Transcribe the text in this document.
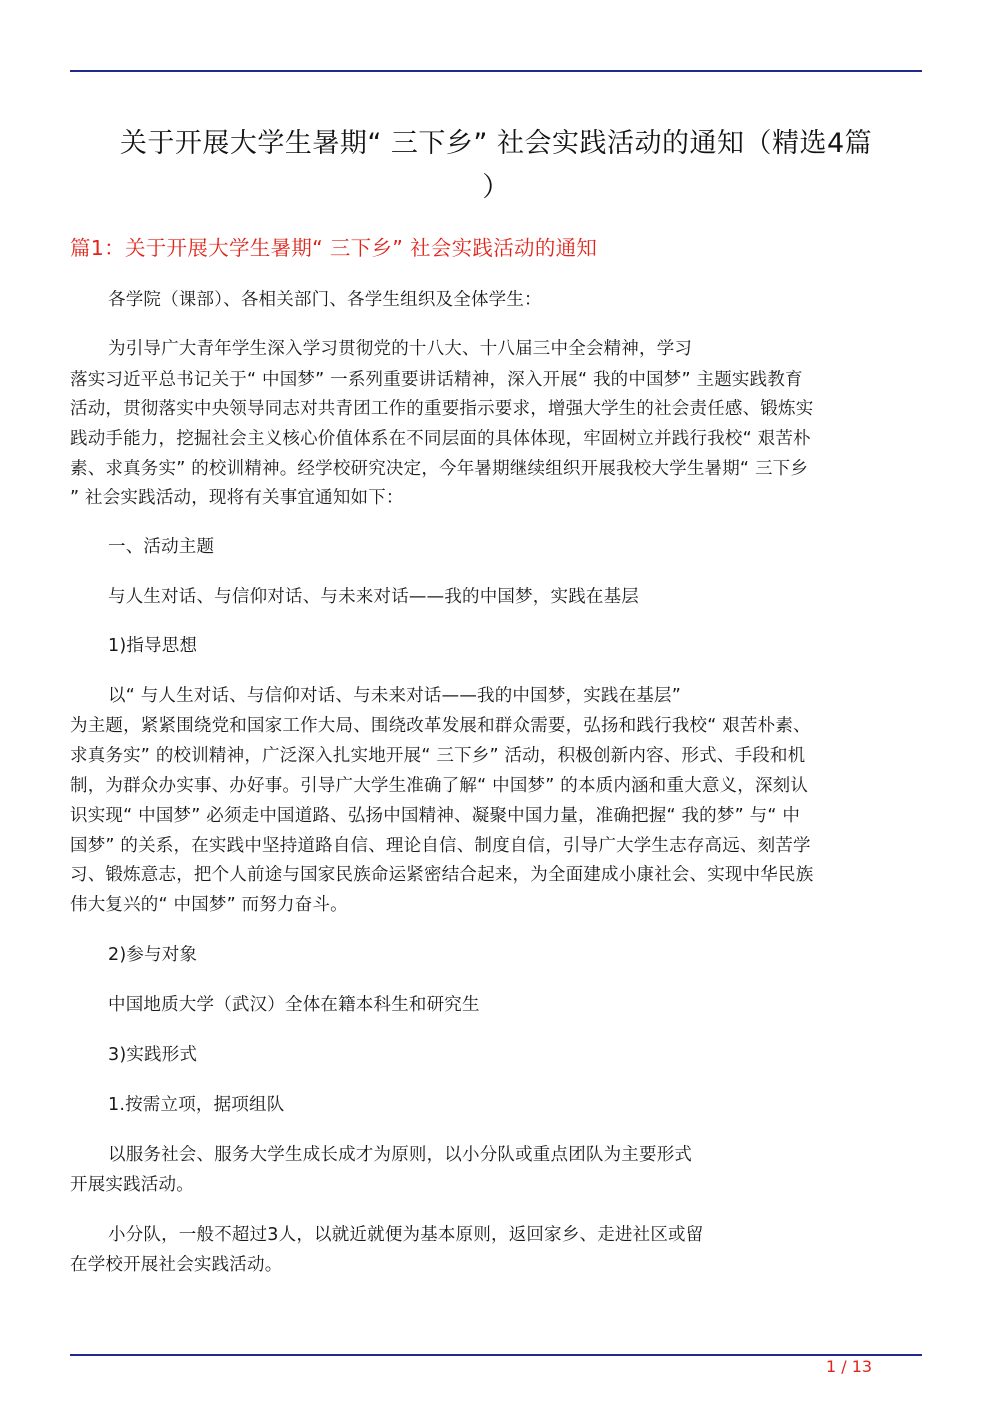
关于开展大学生暑期“ 三下乡” 社会实践活动的通知（精选4篇
）
篇1：关于开展大学生暑期“ 三下乡” 社会实践活动的通知
各学院（课部）、各相关部门、各学生组织及全体学生：
为引导广大青年学生深入学习贯彻党的十八大、十八届三中全会精神，学习
落实习近平总书记关于“ 中国梦” 一系列重要讲话精神，深入开展“ 我的中国梦” 主题实践教育
活动，贯彻落实中央领导同志对共青团工作的重要指示要求，增强大学生的社会责任感、锻炼实
践动手能力，挖掘社会主义核心价值体系在不同层面的具体体现，牢固树立并践行我校“ 艰苦朴
素、求真务实” 的校训精神。经学校研究决定，今年暑期继续组织开展我校大学生暑期“ 三下乡
” 社会实践活动，现将有关事宜通知如下：
一、活动主题
与人生对话、与信仰对话、与未来对话——我的中国梦，实践在基层
1)指导思想
以“ 与人生对话、与信仰对话、与未来对话——我的中国梦，实践在基层”
为主题，紧紧围绕党和国家工作大局、围绕改革发展和群众需要，弘扬和践行我校“ 艰苦朴素、
求真务实” 的校训精神，广泛深入扎实地开展“ 三下乡” 活动，积极创新内容、形式、手段和机
制，为群众办实事、办好事。引导广大学生准确了解“ 中国梦” 的本质内涵和重大意义，深刻认
识实现“ 中国梦” 必须走中国道路、弘扬中国精神、凝聚中国力量，准确把握“ 我的梦” 与“ 中
国梦” 的关系，在实践中坚持道路自信、理论自信、制度自信，引导广大学生志存高远、刻苦学
习、锻炼意志，把个人前途与国家民族命运紧密结合起来，为全面建成小康社会、实现中华民族
伟大复兴的“ 中国梦” 而努力奋斗。
2)参与对象
中国地质大学（武汉）全体在籍本科生和研究生
3)实践形式
1.按需立项，据项组队
以服务社会、服务大学生成长成才为原则，以小分队或重点团队为主要形式
开展实践活动。
小分队，一般不超过3人，以就近就便为基本原则，返回家乡、走进社区或留
在学校开展社会实践活动。
1 / 13
